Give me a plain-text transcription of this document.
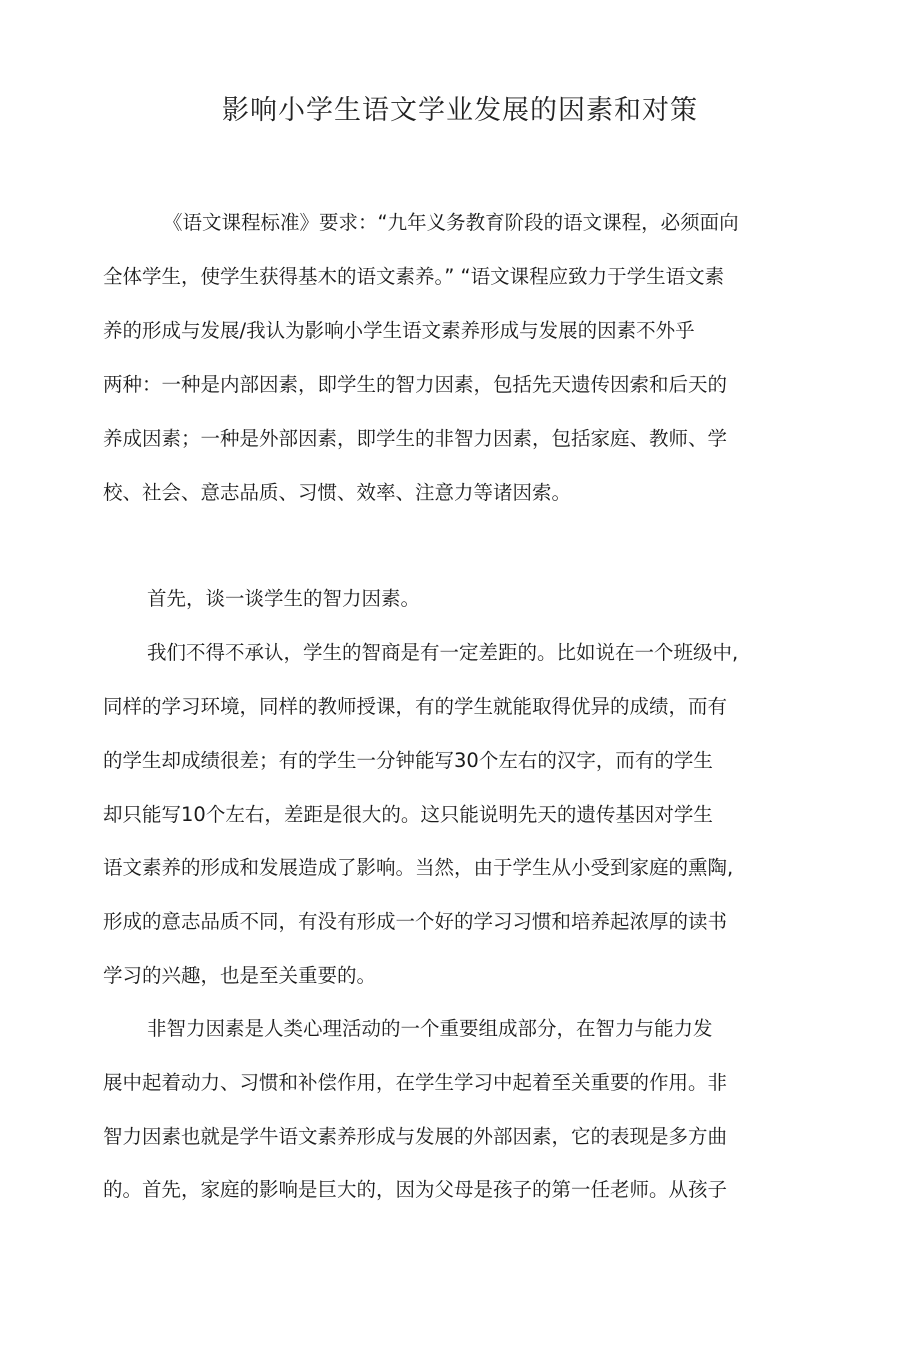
影响小学生语文学业发展的因素和对策
《语文课程标准》要求：“九年义务教育阶段的语文课程，必须面向
全体学生，使学生获得基木的语文素养。” “语文课程应致力于学生语文素
养的形成与发展/我认为影响小学生语文素养形成与发展的因素不外乎
两种：一种是内部因素，即学生的智力因素，包括先天遗传因索和后天的
养成因素；一种是外部因素，即学生的非智力因素，包括家庭、教师、学
校、社会、意志品质、习惯、效率、注意力等诸因索。
首先，谈一谈学生的智力因素。
我们不得不承认，学生的智商是有一定差距的。比如说在一个班级中,
同样的学习环境，同样的教师授课，有的学生就能取得优异的成绩，而有
的学生却成绩很差；有的学生一分钟能写30个左右的汉字，而有的学生
却只能写10个左右，差距是很大的。这只能说明先天的遗传基因对学生
语文素养的形成和发展造成了影响。当然，由于学生从小受到家庭的熏陶,
形成的意志品质不同，有没有形成一个好的学习习惯和培养起浓厚的读书
学习的兴趣，也是至关重要的。
非智力因素是人类心理活动的一个重要组成部分，在智力与能力发
展中起着动力、习惯和补偿作用，在学生学习中起着至关重要的作用。非
智力因素也就是学牛语文素养形成与发展的外部因素，它的表现是多方曲
的。首先，家庭的影响是巨大的，因为父母是孩子的第一任老师。从孩子
